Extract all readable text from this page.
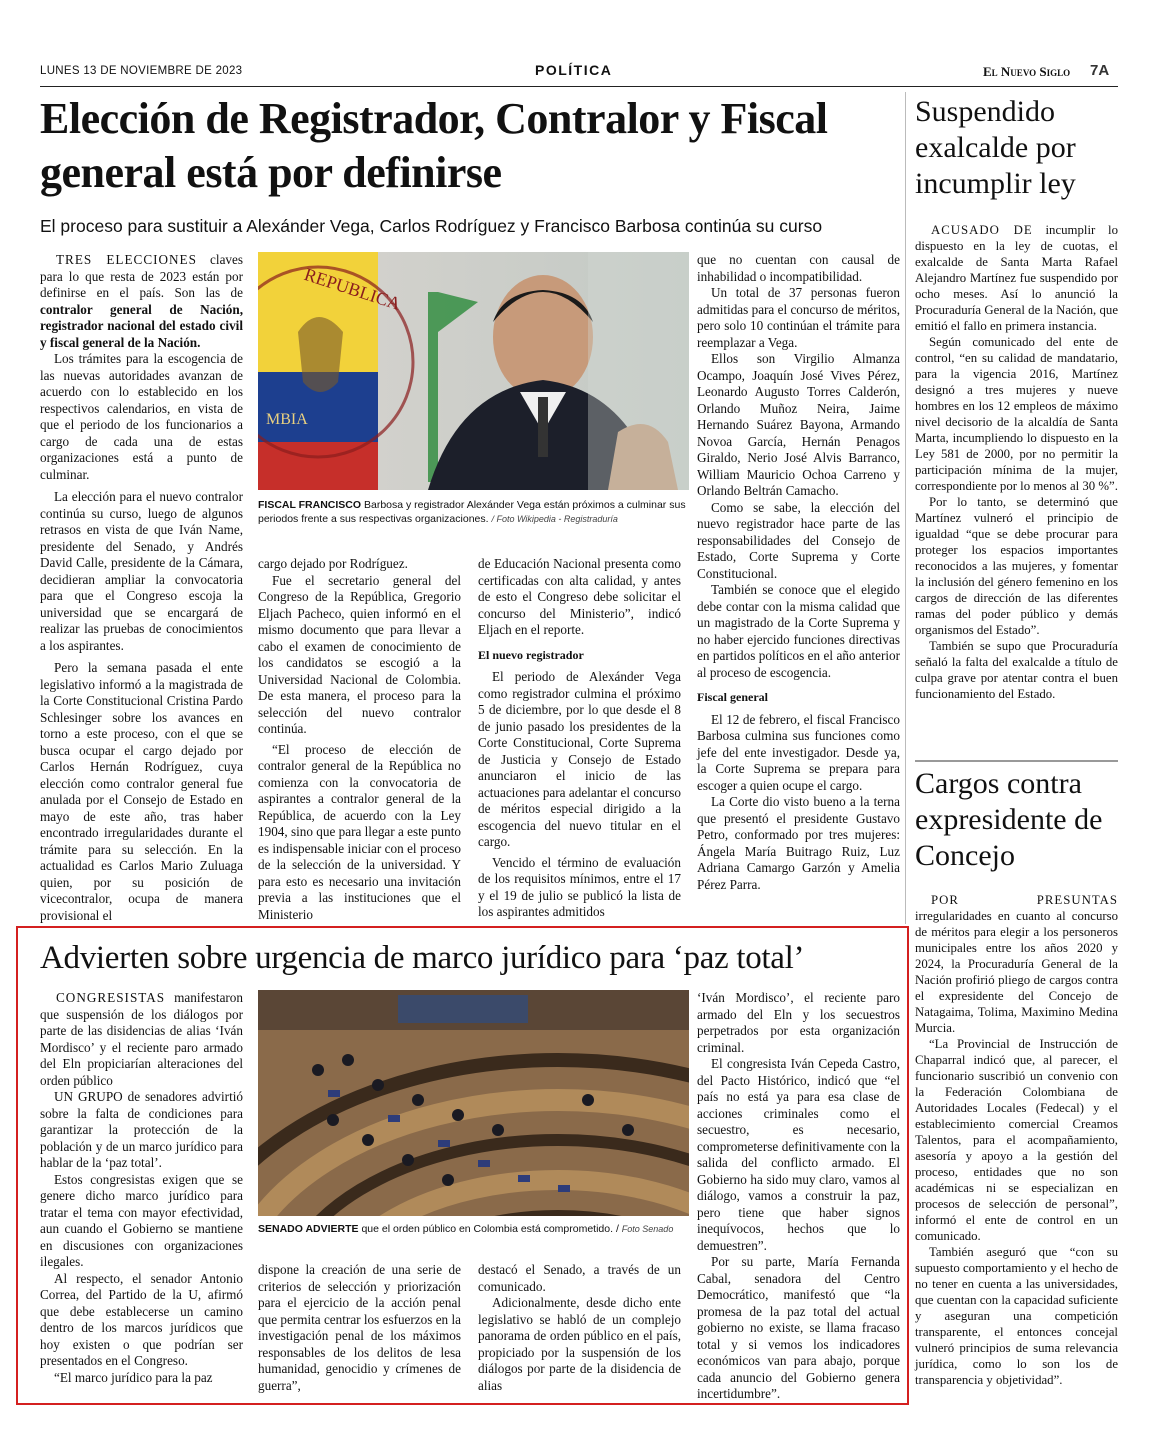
LUNES 13 DE NOVIEMBRE DE 2023	POLÍTICA	El Nuevo Siglo 7A
Elección de Registrador, Contralor y Fiscal general está por definirse
El proceso para sustituir a Alexánder Vega, Carlos Rodríguez y Francisco Barbosa continúa su curso

TRES ELECCIONES claves para lo que resta de 2023 están por definirse en el país. Son las de contralor general de Nación, registrador nacional del estado civil y fiscal general de la Nación.

Los trámites para la escogencia de las nuevas autoridades avanzan de acuerdo con lo establecido en los respectivos calendarios, en vista de que el periodo de los funcionarios a cargo de cada una de estas organizaciones está a punto de culminar.

La elección para el nuevo contralor continúa su curso, luego de algunos retrasos en vista de que Iván Name, presidente del Senado, y Andrés David Calle, presidente de la Cámara, decidieran ampliar la convocatoria para que el Congreso escoja la universidad que se encargará de realizar las pruebas de conocimientos a los aspirantes.

Pero la semana pasada el ente legislativo informó a la magistrada de la Corte Constitucional Cristina Pardo Schlesinger sobre los avances en torno a este proceso, con el que se busca ocupar el cargo dejado por Carlos Hernán Rodríguez, cuya elección como contralor general fue anulada por el Consejo de Estado en mayo de este año, tras haber encontrado irregularidades durante el trámite para su selección. En la actualidad es Carlos Mario Zuluaga quien, por su posición de vicecontralor, ocupa de manera provisional el

REPUBLICA
MBIA
FISCAL FRANCISCO Barbosa y registrador Alexánder Vega están próximos a culminar sus periodos frente a sus respectivas organizaciones. / Foto Wikipedia - Registraduría

cargo dejado por Rodríguez.

Fue el secretario general del Congreso de la República, Gregorio Eljach Pacheco, quien informó en el mismo documento que para llevar a cabo el examen de conocimiento de los candidatos se escogió a la Universidad Nacional de Colombia. De esta manera, el proceso para la selección del nuevo contralor continúa.

“El proceso de elección de contralor general de la República no comienza con la convocatoria de aspirantes a contralor general de la República, de acuerdo con la Ley 1904, sino que para llegar a este punto es indispensable iniciar con el proceso de la selección de la universidad. Y para esto es necesario una invitación previa a las instituciones que el Ministerio

de Educación Nacional presenta como certificadas con alta calidad, y antes de esto el Congreso debe solicitar el concurso del Ministerio”, indicó Eljach en el reporte.

El nuevo registrador

El periodo de Alexánder Vega como registrador culmina el próximo 5 de diciembre, por lo que desde el 8 de junio pasado los presidentes de la Corte Constitucional, Corte Suprema de Justicia y Consejo de Estado anunciaron el inicio de las actuaciones para adelantar el concurso de méritos especial dirigido a la escogencia del nuevo titular en el cargo.

Vencido el término de evaluación de los requisitos mínimos, entre el 17 y el 19 de julio se publicó la lista de los aspirantes admitidos

que no cuentan con causal de inhabilidad o incompatibilidad.

Un total de 37 personas fueron admitidas para el concurso de méritos, pero solo 10 continúan el trámite para reemplazar a Vega.

Ellos son Virgilio Almanza Ocampo, Joaquín José Vives Pérez, Leonardo Augusto Torres Calderón, Orlando Muñoz Neira, Jaime Hernando Suárez Bayona, Armando Novoa García, Hernán Penagos Giraldo, Nerio José Alvis Barranco, William Mauricio Ochoa Carreno y Orlando Beltrán Camacho.

Como se sabe, la elección del nuevo registrador hace parte de las responsabilidades del Consejo de Estado, Corte Suprema y Corte Constitucional.

También se conoce que el elegido debe contar con la misma calidad que un magistrado de la Corte Suprema y no haber ejercido funciones directivas en partidos políticos en el año anterior al proceso de escogencia.

Fiscal general

El 12 de febrero, el fiscal Francisco Barbosa culmina sus funciones como jefe del ente investigador. Desde ya, la Corte Suprema se prepara para escoger a quien ocupe el cargo.

La Corte dio visto bueno a la terna que presentó el presidente Gustavo Petro, conformado por tres mujeres: Ángela María Buitrago Ruiz, Luz Adriana Camargo Garzón y Amelia Pérez Parra.

Suspendido exalcalde por incumplir ley

ACUSADO DE incumplir lo dispuesto en la ley de cuotas, el exalcalde de Santa Marta Rafael Alejandro Martínez fue suspendido por ocho meses. Así lo anunció la Procuraduría General de la Nación, que emitió el fallo en primera instancia.

Según comunicado del ente de control, “en su calidad de mandatario, para la vigencia 2016, Martínez designó a tres mujeres y nueve hombres en los 12 empleos de máximo nivel decisorio de la alcaldía de Santa Marta, incumpliendo lo dispuesto en la Ley 581 de 2000, por no permitir la participación mínima de la mujer, correspondiente por lo menos al 30 %”.

Por lo tanto, se determinó que Martínez vulneró el principio de igualdad “que se debe procurar para proteger los espacios importantes reconocidos a las mujeres, y fomentar la inclusión del género femenino en los cargos de dirección de las diferentes ramas del poder público y demás organismos del Estado”.

También se supo que Procuraduría señaló la falta del exalcalde a título de culpa grave por atentar contra el buen funcionamiento del Estado.

Cargos contra expresidente de Concejo

POR PRESUNTAS irregularidades en cuanto al concurso de méritos para elegir a los personeros municipales entre los años 2020 y 2024, la Procuraduría General de la Nación profirió pliego de cargos contra el expresidente del Concejo de Natagaima, Tolima, Maximino Medina Murcia.

“La Provincial de Instrucción de Chaparral indicó que, al parecer, el funcionario suscribió un convenio con la Federación Colombiana de Autoridades Locales (Fedecal) y el establecimiento comercial Creamos Talentos, para el acompañamiento, asesoría y apoyo a la gestión del proceso, entidades que no son académicas ni se especializan en procesos de selección de personal”, informó el ente de control en un comunicado.

También aseguró que “con su supuesto comportamiento y el hecho de no tener en cuenta a las universidades, que cuentan con la capacidad suficiente y aseguran una competición transparente, el entonces concejal vulneró principios de suma relevancia jurídica, como lo son los de transparencia y objetividad”.

Advierten sobre urgencia de marco jurídico para ‘paz total’

CONGRESISTAS manifestaron que suspensión de los diálogos por parte de las disidencias de alias ‘Iván Mordisco’ y el reciente paro armado del Eln propiciarían alteraciones del orden público

UN GRUPO de senadores advirtió sobre la falta de condiciones para garantizar la protección de la población y de un marco jurídico para hablar de la ‘paz total’.

Estos congresistas exigen que se genere dicho marco jurídico para tratar el tema con mayor efectividad, aun cuando el Gobierno se mantiene en discusiones con organizaciones ilegales.

Al respecto, el senador Antonio Correa, del Partido de la U, afirmó que debe establecerse un camino dentro de los marcos jurídicos que hoy existen o que podrían ser presentados en el Congreso.

“El marco jurídico para la paz

SENADO ADVIERTE que el orden público en Colombia está comprometido. / Foto Senado

dispone la creación de una serie de criterios de selección y priorización para el ejercicio de la acción penal que permita centrar los esfuerzos en la investigación penal de los máximos responsables de los delitos de lesa humanidad, genocidio y crímenes de guerra”,

destacó el Senado, a través de un comunicado.

Adicionalmente, desde dicho ente legislativo se habló de un complejo panorama de orden público en el país, propiciado por la suspensión de los diálogos por parte de la disidencia de alias

‘Iván Mordisco’, el reciente paro armado del Eln y los secuestros perpetrados por esta organización criminal.

El congresista Iván Cepeda Castro, del Pacto Histórico, indicó que “el país no está ya para esa clase de acciones criminales como el secuestro, es necesario, comprometerse definitivamente con la salida del conflicto armado. El Gobierno ha sido muy claro, vamos al diálogo, vamos a construir la paz, pero tiene que haber signos inequívocos, hechos que lo demuestren”.

Por su parte, María Fernanda Cabal, senadora del Centro Democrático, manifestó que “la promesa de la paz total del actual gobierno no existe, se llama fracaso total y si vemos los indicadores económicos van para abajo, porque cada anuncio del Gobierno genera incertidumbre”.
